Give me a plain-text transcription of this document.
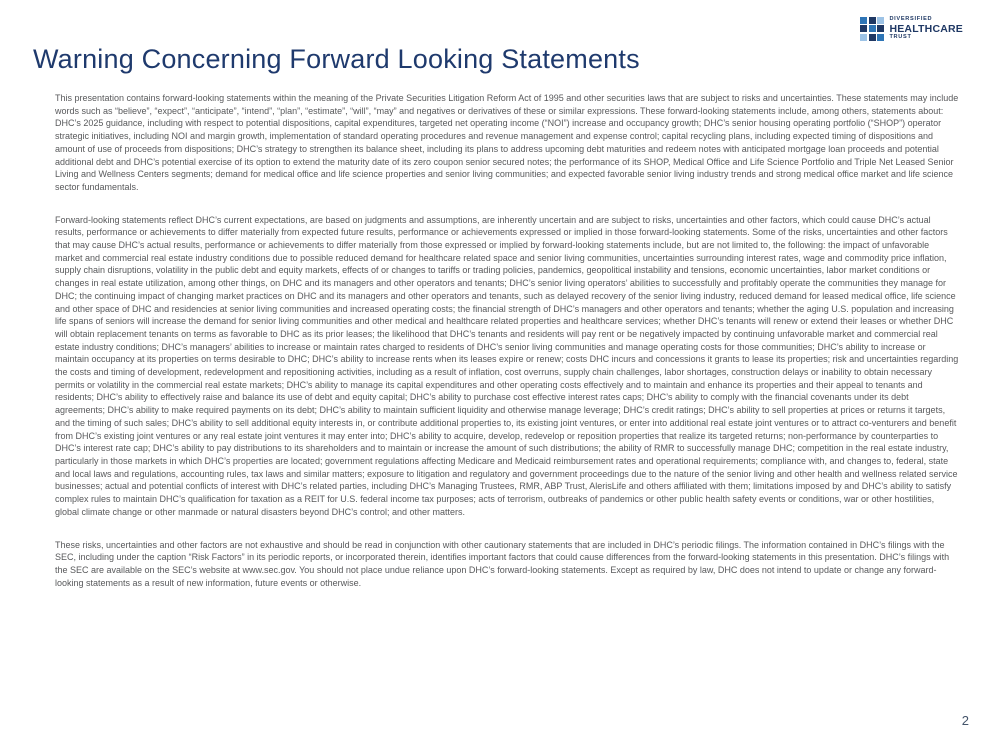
DIVERSIFIED
HEALTHCARE
TRUST
Warning Concerning Forward Looking Statements

This presentation contains forward-looking statements within the meaning of the Private Securities Litigation Reform Act of 1995 and other securities laws that are subject to risks and uncertainties. These statements may include words such as “believe”, “expect”, “anticipate”, “intend”, “plan”, “estimate”, “will”, “may” and negatives or derivatives of these or similar expressions. These forward-looking statements include, among others, statements about: DHC’s 2025 guidance, including with respect to potential dispositions, capital expenditures, targeted net operating income (“NOI”) increase and occupancy growth; DHC’s senior housing operating portfolio (“SHOP”) operator strategic initiatives, including NOI and margin growth, implementation of standard operating procedures and revenue management and expense control; capital recycling plans, including expected timing of dispositions and amount of use of proceeds from dispositions; DHC’s strategy to strengthen its balance sheet, including its plans to address upcoming debt maturities and redeem notes with anticipated mortgage loan proceeds and potential additional debt and DHC’s potential exercise of its option to extend the maturity date of its zero coupon senior secured notes; the performance of its SHOP, Medical Office and Life Science Portfolio and Triple Net Leased Senior Living and Wellness Centers segments; demand for medical office and life science properties and senior living communities; and expected favorable senior living industry trends and strong medical office market and life science sector fundamentals.

Forward-looking statements reflect DHC’s current expectations, are based on judgments and assumptions, are inherently uncertain and are subject to risks, uncertainties and other factors, which could cause DHC’s actual results, performance or achievements to differ materially from expected future results, performance or achievements expressed or implied in those forward-looking statements. Some of the risks, uncertainties and other factors that may cause DHC’s actual results, performance or achievements to differ materially from those expressed or implied by forward-looking statements include, but are not limited to, the following: the impact of unfavorable market and commercial real estate industry conditions due to possible reduced demand for healthcare related space and senior living communities, uncertainties surrounding interest rates, wage and commodity price inflation, supply chain disruptions, volatility in the public debt and equity markets, effects of or changes to tariffs or trading policies, pandemics, geopolitical instability and tensions, economic uncertainties, labor market conditions or changes in real estate utilization, among other things, on DHC and its managers and other operators and tenants; DHC’s senior living operators’ abilities to successfully and profitably operate the communities they manage for DHC; the continuing impact of changing market practices on DHC and its managers and other operators and tenants, such as delayed recovery of the senior living industry, reduced demand for leased medical office, life science and other space of DHC and residencies at senior living communities and increased operating costs; the financial strength of DHC’s managers and other operators and tenants; whether the aging U.S. population and increasing life spans of seniors will increase the demand for senior living communities and other medical and healthcare related properties and healthcare services; whether DHC’s tenants will renew or extend their leases or whether DHC will obtain replacement tenants on terms as favorable to DHC as its prior leases; the likelihood that DHC’s tenants and residents will pay rent or be negatively impacted by continuing unfavorable market and commercial real estate industry conditions; DHC’s managers’ abilities to increase or maintain rates charged to residents of DHC’s senior living communities and manage operating costs for those communities; DHC’s ability to increase or maintain occupancy at its properties on terms desirable to DHC; DHC’s ability to increase rents when its leases expire or renew; costs DHC incurs and concessions it grants to lease its properties; risk and uncertainties regarding the costs and timing of development, redevelopment and repositioning activities, including as a result of inflation, cost overruns, supply chain challenges, labor shortages, construction delays or inability to obtain necessary permits or volatility in the commercial real estate markets; DHC’s ability to manage its capital expenditures and other operating costs effectively and to maintain and enhance its properties and their appeal to tenants and residents; DHC’s ability to effectively raise and balance its use of debt and equity capital; DHC’s ability to purchase cost effective interest rates caps; DHC’s ability to comply with the financial covenants under its debt agreements; DHC’s ability to make required payments on its debt; DHC’s ability to maintain sufficient liquidity and otherwise manage leverage; DHC’s credit ratings; DHC’s ability to sell properties at prices or returns it targets, and the timing of such sales; DHC’s ability to sell additional equity interests in, or contribute additional properties to, its existing joint ventures, or enter into additional real estate joint ventures or to attract co-venturers and benefit from DHC’s existing joint ventures or any real estate joint ventures it may enter into; DHC’s ability to acquire, develop, redevelop or reposition properties that realize its targeted returns; non-performance by counterparties to DHC’s interest rate cap; DHC’s ability to pay distributions to its shareholders and to maintain or increase the amount of such distributions; the ability of RMR to successfully manage DHC; competition in the real estate industry, particularly in those markets in which DHC’s properties are located; government regulations affecting Medicare and Medicaid reimbursement rates and operational requirements; compliance with, and changes to, federal, state and local laws and regulations, accounting rules, tax laws and similar matters; exposure to litigation and regulatory and government proceedings due to the nature of the senior living and other health and wellness related service businesses; actual and potential conflicts of interest with DHC’s related parties, including DHC’s Managing Trustees, RMR, ABP Trust, AlerisLife and others affiliated with them; limitations imposed by and DHC’s ability to satisfy complex rules to maintain DHC’s qualification for taxation as a REIT for U.S. federal income tax purposes; acts of terrorism, outbreaks of pandemics or other public health safety events or conditions, war or other hostilities, global climate change or other manmade or natural disasters beyond DHC’s control; and other matters.

These risks, uncertainties and other factors are not exhaustive and should be read in conjunction with other cautionary statements that are included in DHC’s periodic filings. The information contained in DHC’s filings with the SEC, including under the caption “Risk Factors” in its periodic reports, or incorporated therein, identifies important factors that could cause differences from the forward-looking statements in this presentation. DHC’s filings with the SEC are available on the SEC’s website at www.sec.gov. You should not place undue reliance upon DHC’s forward-looking statements. Except as required by law, DHC does not intend to update or change any forward-looking statements as a result of new information, future events or otherwise.

2
